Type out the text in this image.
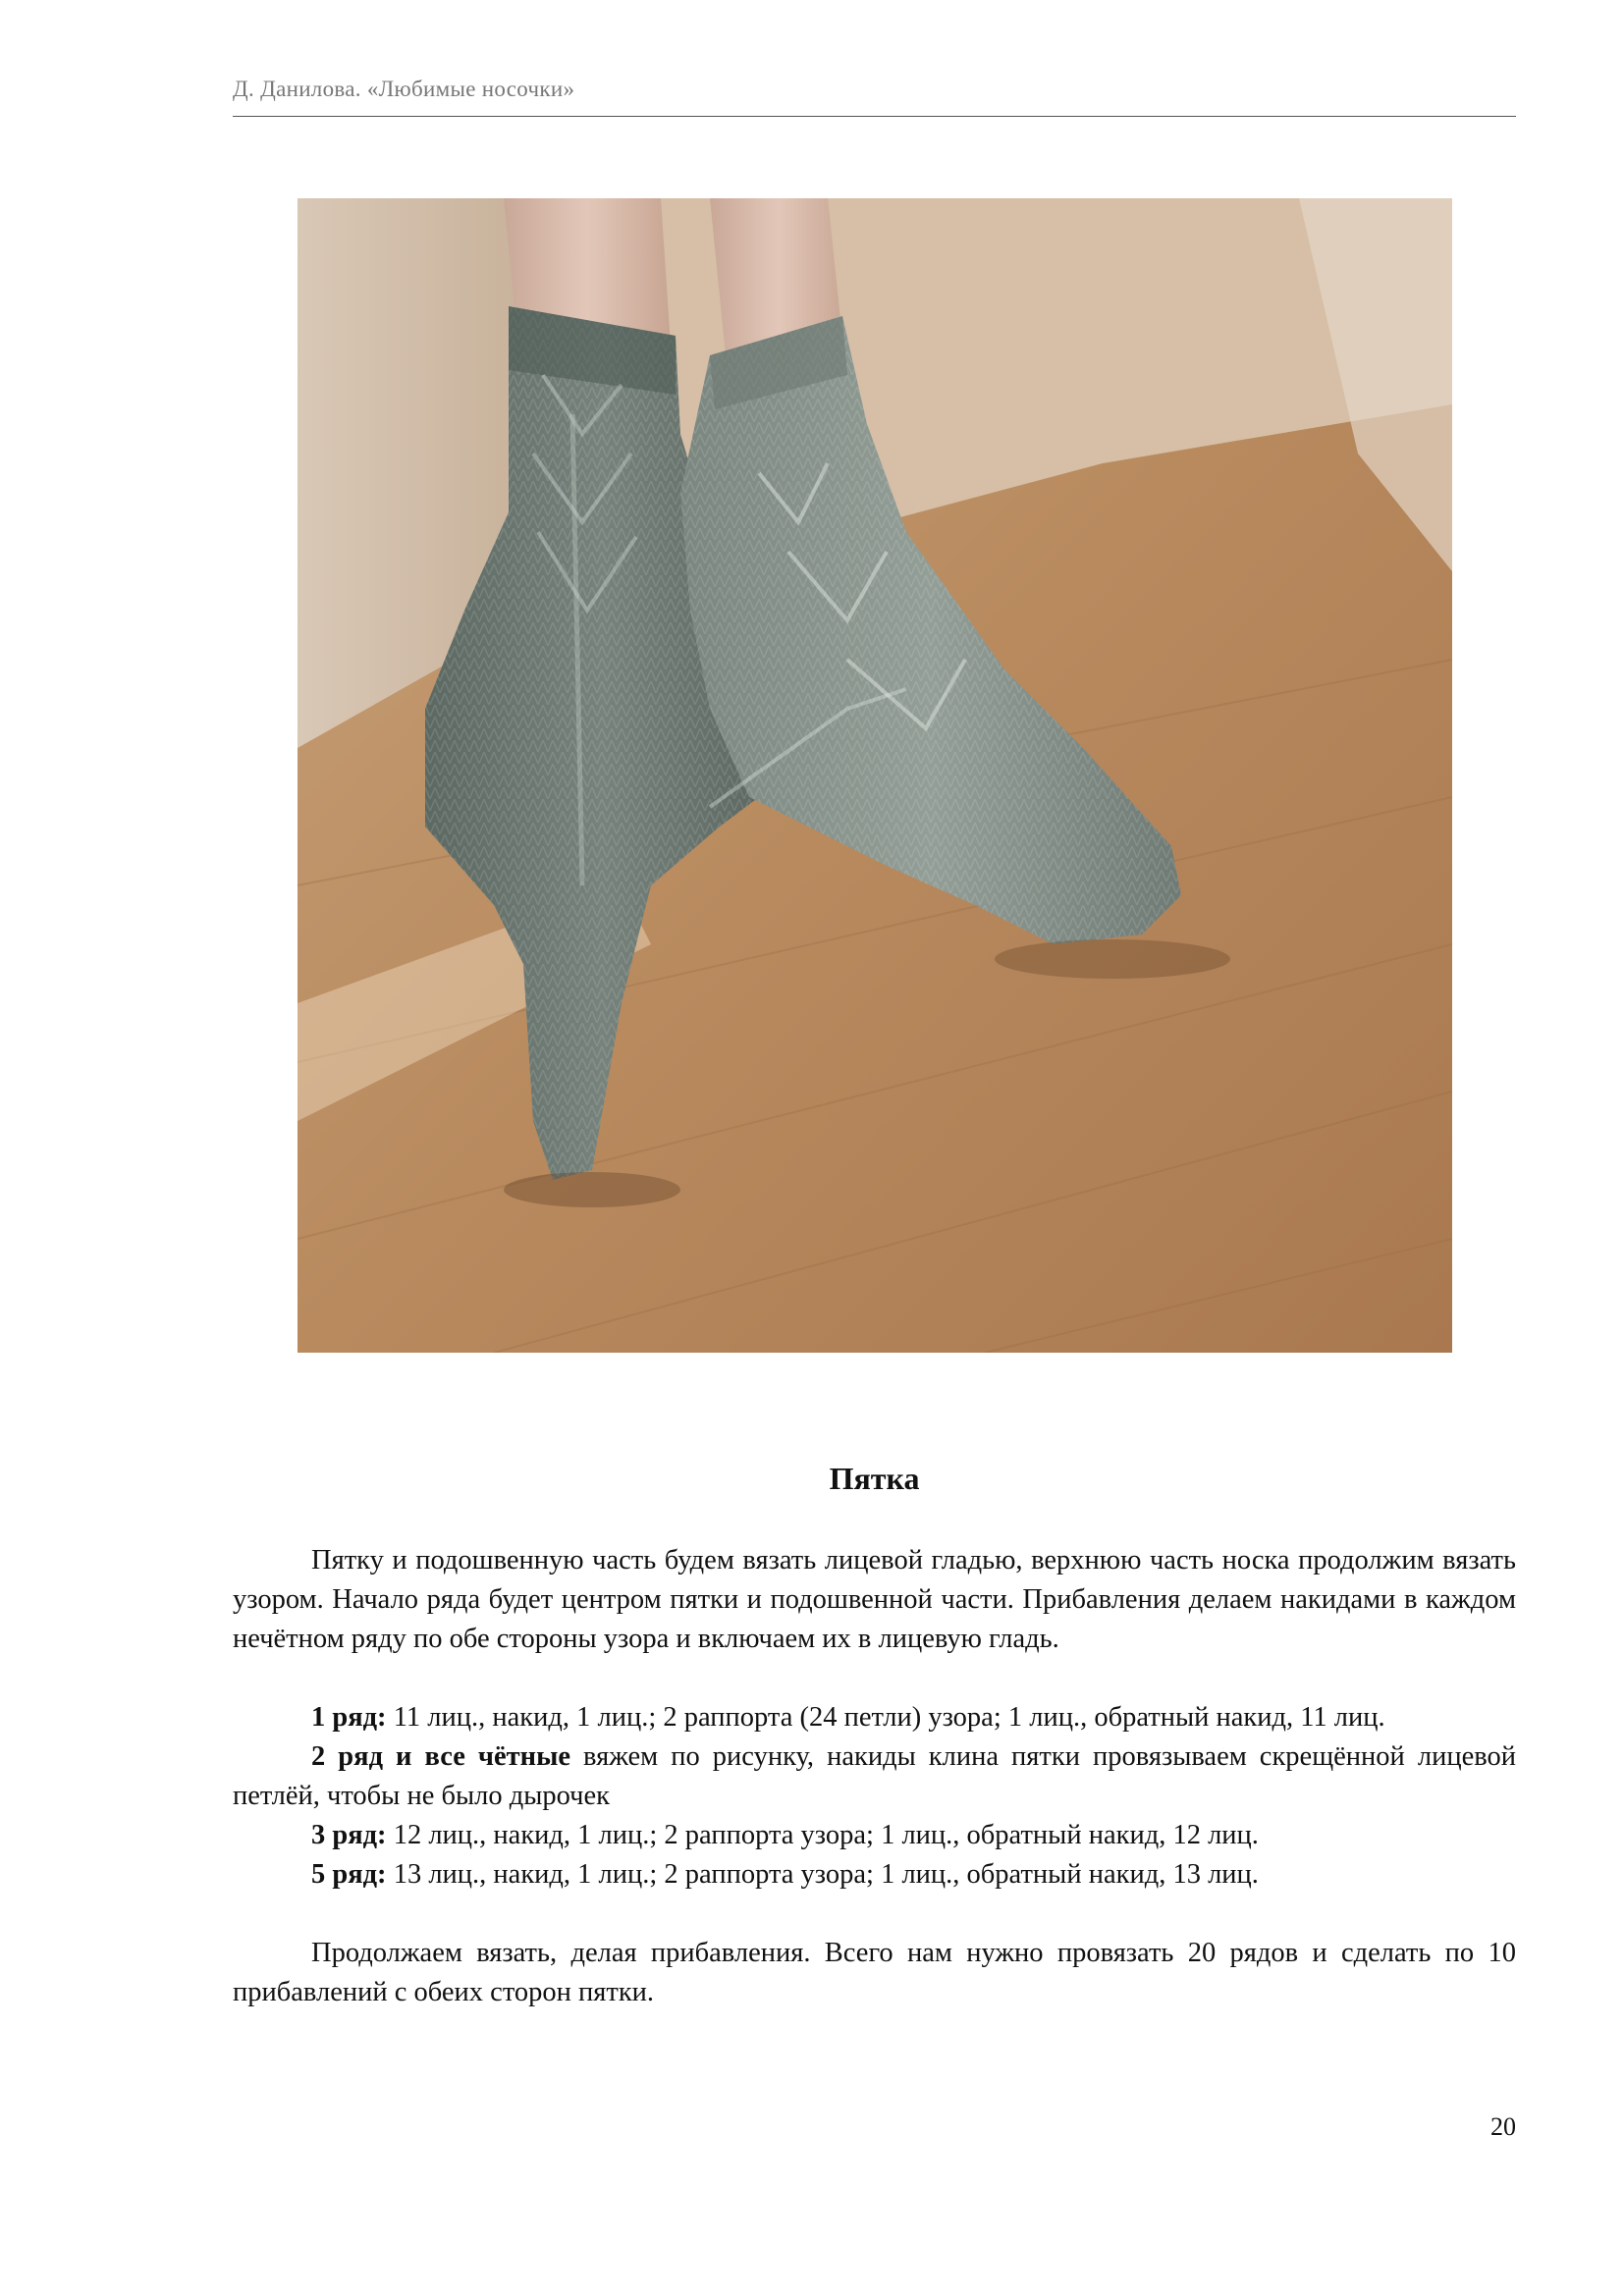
Д. Данилова. «Любимые носочки»
Пятка

Пятку и подошвенную часть будем вязать лицевой гладью, верхнюю часть носка продолжим вязать узором. Начало ряда будет центром пятки и подошвенной части. Прибавления делаем накидами в каждом нечётном ряду по обе стороны узора и включаем их в лицевую гладь.

1 ряд: 11 лиц., накид, 1 лиц.; 2 раппорта (24 петли) узора; 1 лиц., обратный накид, 11 лиц.

2 ряд и все чётные вяжем по рисунку, накиды клина пятки провязываем скрещённой лицевой петлёй, чтобы не было дырочек

3 ряд: 12 лиц., накид, 1 лиц.; 2 раппорта узора; 1 лиц., обратный накид, 12 лиц.

5 ряд: 13 лиц., накид, 1 лиц.; 2 раппорта узора; 1 лиц., обратный накид, 13 лиц.

Продолжаем вязать, делая прибавления. Всего нам нужно провязать 20 рядов и сделать по 10 прибавлений с обеих сторон пятки.

20
